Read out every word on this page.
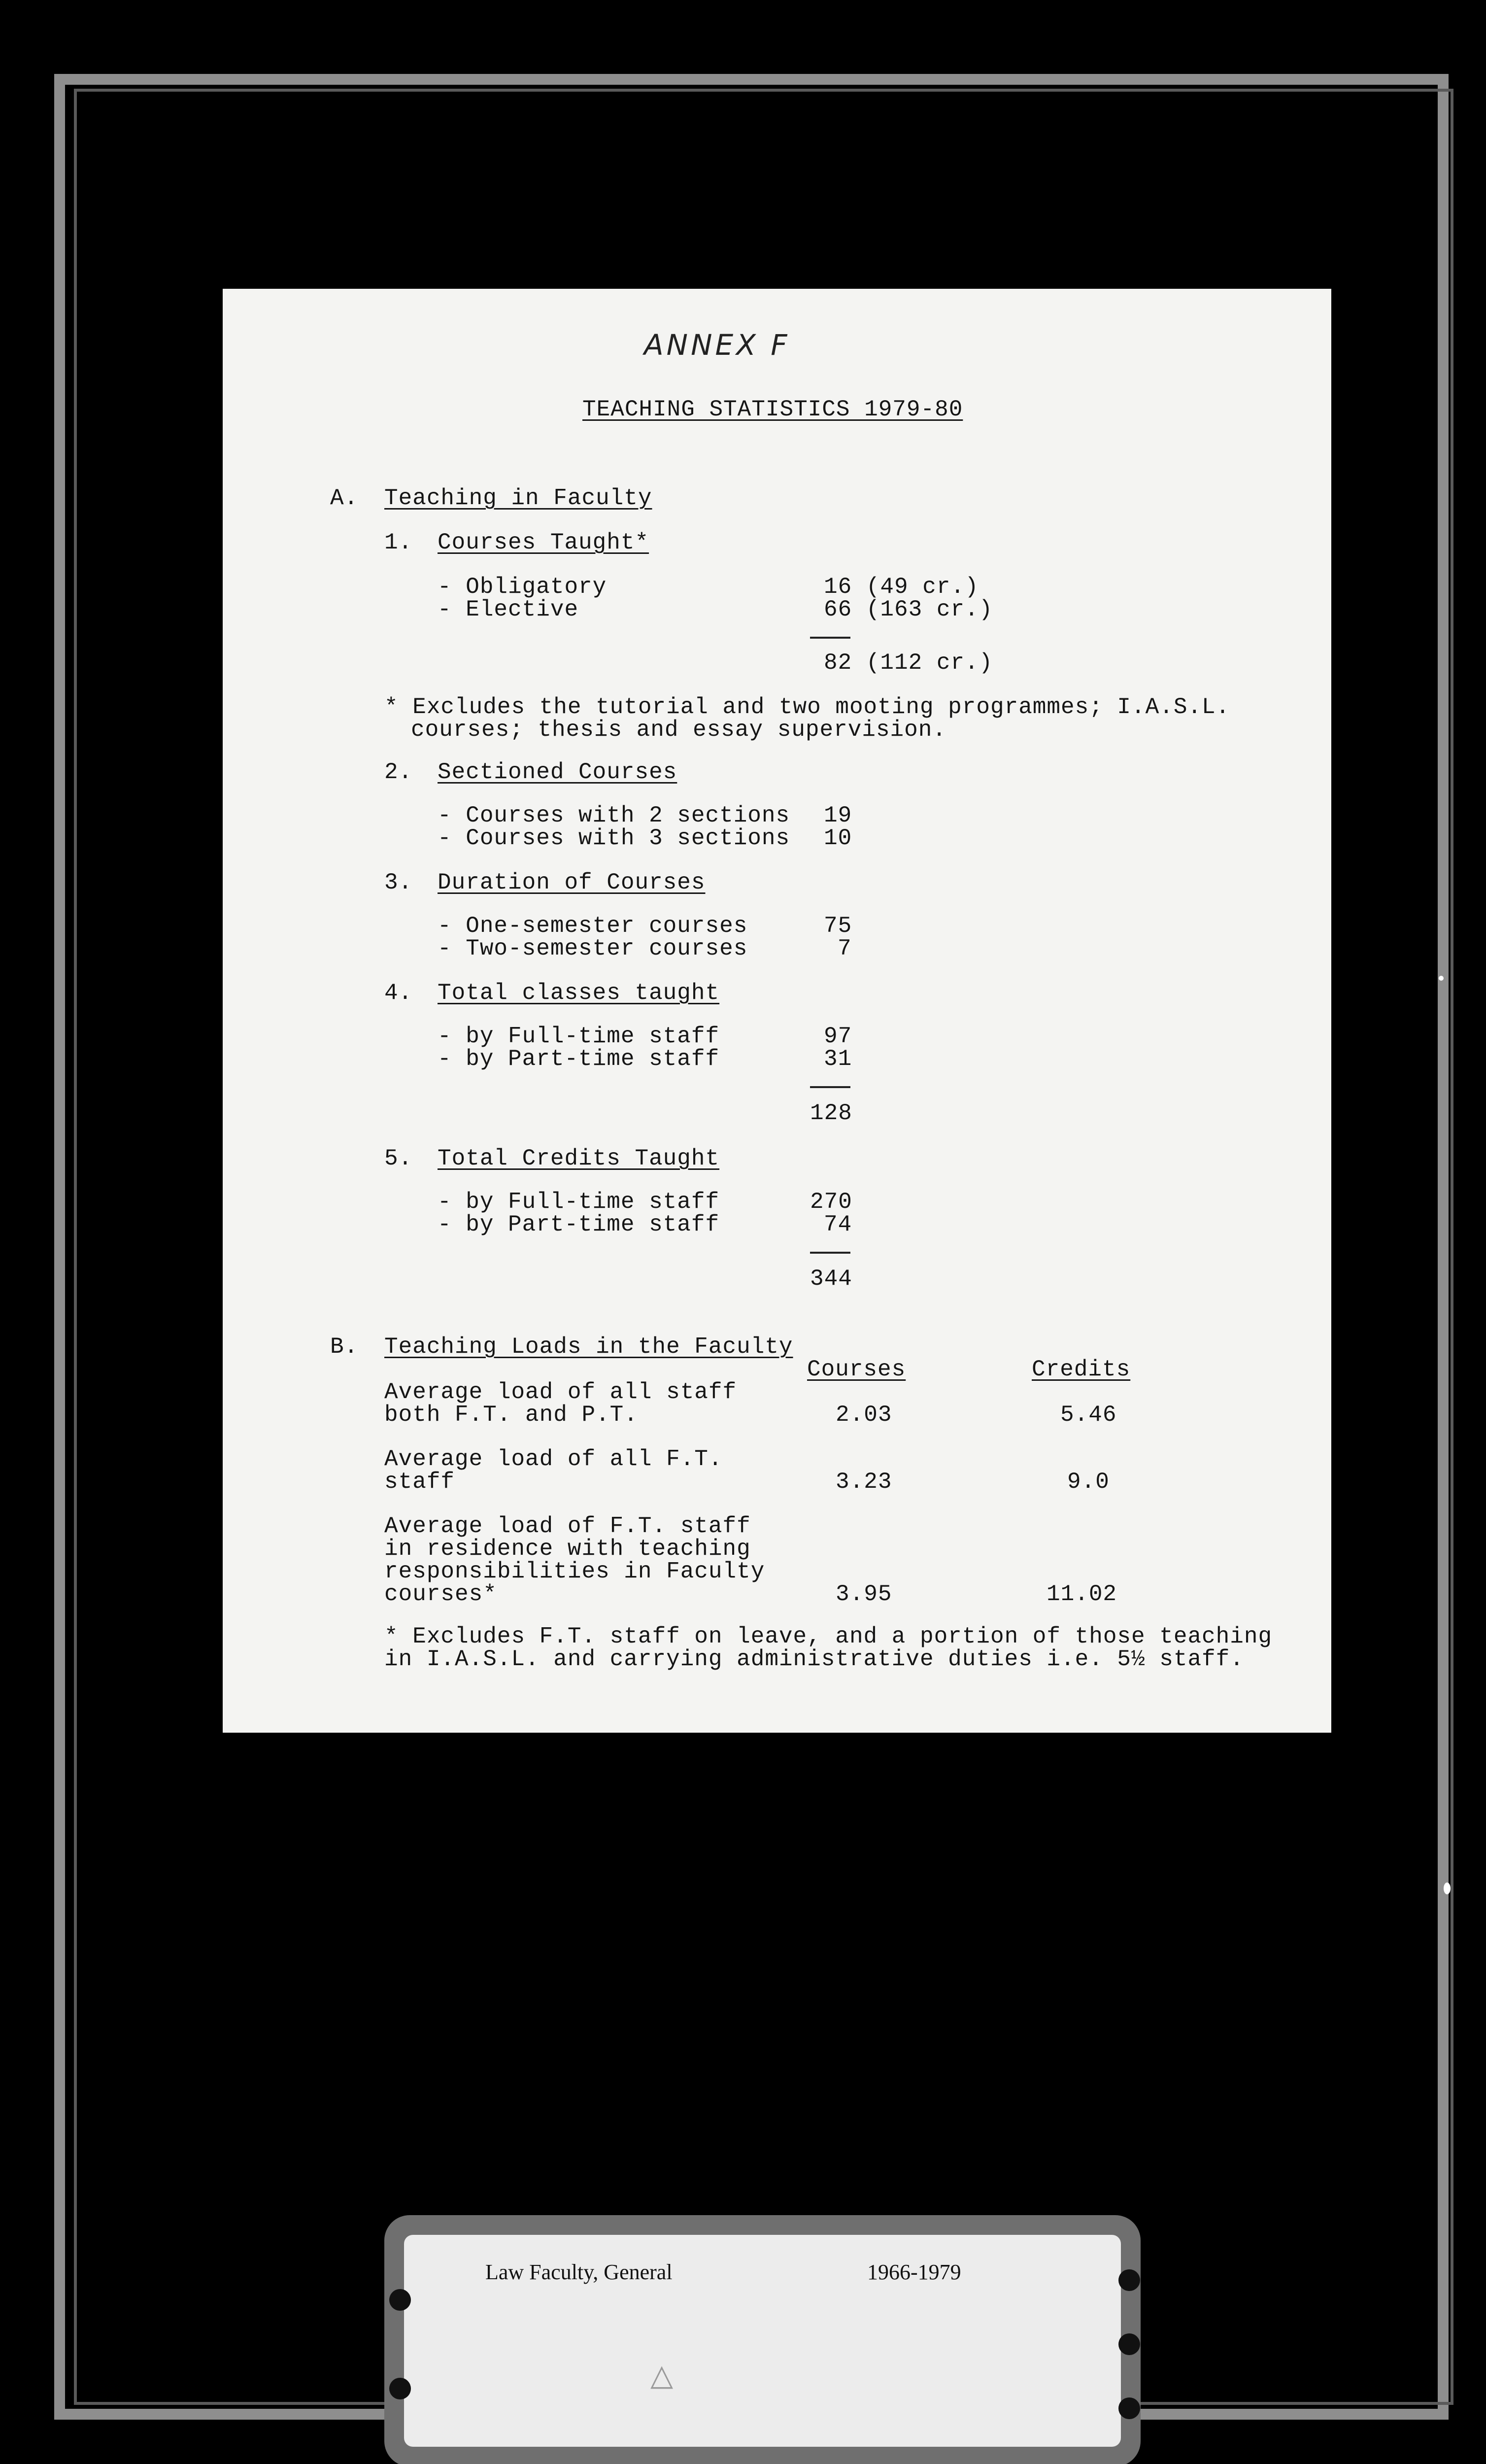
ANNEX F
TEACHING STATISTICS 1979-80
A. Teaching in Faculty
1. Courses Taught*
- Obligatory	16 (49 cr.)
- Elective	66 (163 cr.)
82 (112 cr.)
* Excludes the tutorial and two mooting programmes; I.A.S.L.
courses; thesis and essay supervision.
2. Sectioned Courses
- Courses with 2 sections 19
- Courses with 3 sections 10
3. Duration of Courses
- One-semester courses	75
- Two-semester courses	7
4. Total classes taught
- by Full-time staff	97
- by Part-time staff	31
128
5. Total Credits Taught
- by Full-time staff	270
- by Part-time staff	74
344
B. Teaching Loads in the Faculty
Courses	Credits
Average load of all staff
both F.T. and P.T.	2.03	5.46
Average load of all F.T.
staff	3.23	9.0
Average load of F.T. staff
in residence with teaching
responsibilities in Faculty
courses*	3.95	11.02
* Excludes F.T. staff on leave, and a portion of those teaching
in I.A.S.L. and carrying administrative duties i.e. 5½ staff.
Law Faculty, General	1966-1979
△
